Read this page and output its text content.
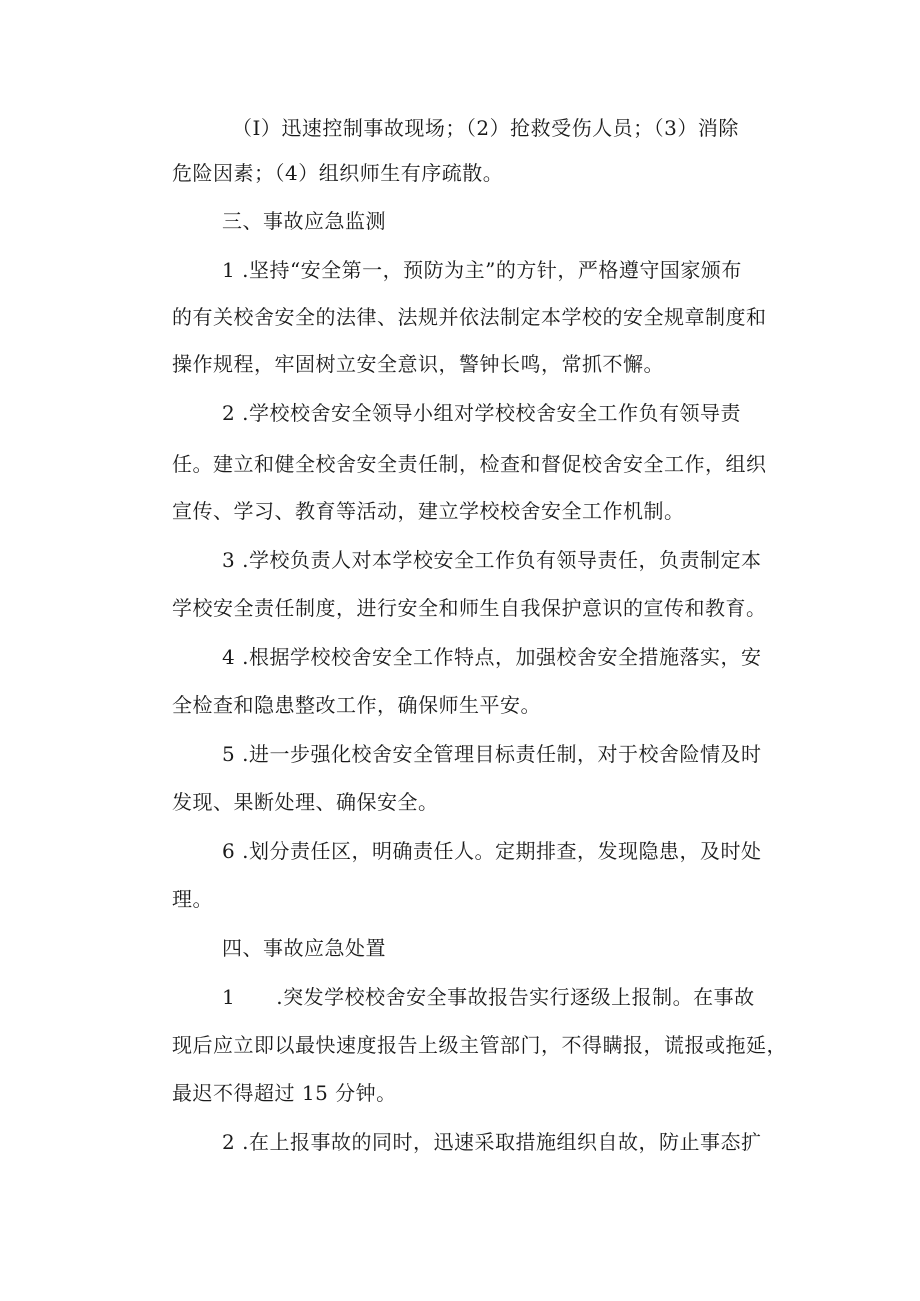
（I）迅速控制事故现场；（2）抢救受伤人员；（3）消除
危险因素；（4）组织师生有序疏散。
三、事故应急监测
1 .坚持“安全第一，预防为主”的方针，严格遵守国家颁布
的有关校舍安全的法律、法规并依法制定本学校的安全规章制度和
操作规程，牢固树立安全意识，警钟长鸣，常抓不懈。
2 .学校校舍安全领导小组对学校校舍安全工作负有领导责
任。建立和健全校舍安全责任制，检查和督促校舍安全工作，组织
宣传、学习、教育等活动，建立学校校舍安全工作机制。
3 .学校负责人对本学校安全工作负有领导责任，负责制定本
学校安全责任制度，进行安全和师生自我保护意识的宣传和教育。
4 .根据学校校舍安全工作特点，加强校舍安全措施落实，安
全检查和隐患整改工作，确保师生平安。
5 .进一步强化校舍安全管理目标责任制，对于校舍险情及时
发现、果断处理、确保安全。
6 .划分责任区，明确责任人。定期排查，发现隐患，及时处
理。
四、事故应急处置
1　　.突发学校校舍安全事故报告实行逐级上报制。在事故
现后应立即以最快速度报告上级主管部门，不得瞒报，谎报或拖延，
最迟不得超过 15 分钟。
2 .在上报事故的同时，迅速采取措施组织自故，防止事态扩
